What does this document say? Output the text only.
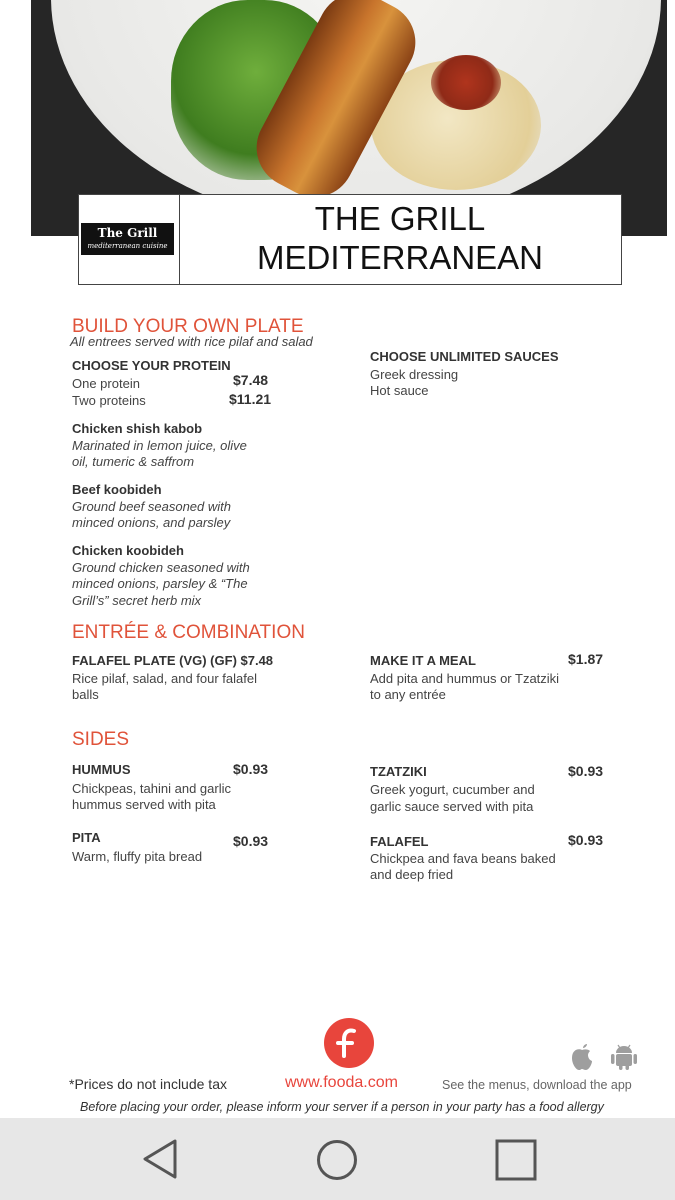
The Grill
mediterranean cuisine
THE GRILL
MEDITERRANEAN

BUILD YOUR OWN PLATE

All entrees served with rice pilaf and salad

CHOOSE YOUR PROTEIN

One protein	$7.48

Two proteins	$11.21

Chicken shish kabob

Marinated in lemon juice, olive

oil, tumeric & saffrom

Beef koobideh

Ground beef seasoned with

minced onions, and parsley

Chicken koobideh

Ground chicken seasoned with

minced onions, parsley & “The

Grill’s” secret herb mix

CHOOSE UNLIMITED SAUCES

Greek dressing

Hot sauce

ENTRÉE & COMBINATION

FALAFEL PLATE (VG) (GF) $7.48

Rice pilaf, salad, and four falafel

balls

MAKE IT A MEAL	$1.87

Add pita and hummus or Tzatziki

to any entrée

SIDES

HUMMUS	$0.93

Chickpeas, tahini and garlic

hummus served with pita

TZATZIKI	$0.93

Greek yogurt, cucumber and

garlic sauce served with pita

PITA	$0.93

Warm, fluffy pita bread

FALAFEL	$0.93

Chickpea and fava beans baked

and deep fried

*Prices do not include tax	www.fooda.com	See the menus, download the app

Before placing your order, please inform your server if a person in your party has a food allergy
